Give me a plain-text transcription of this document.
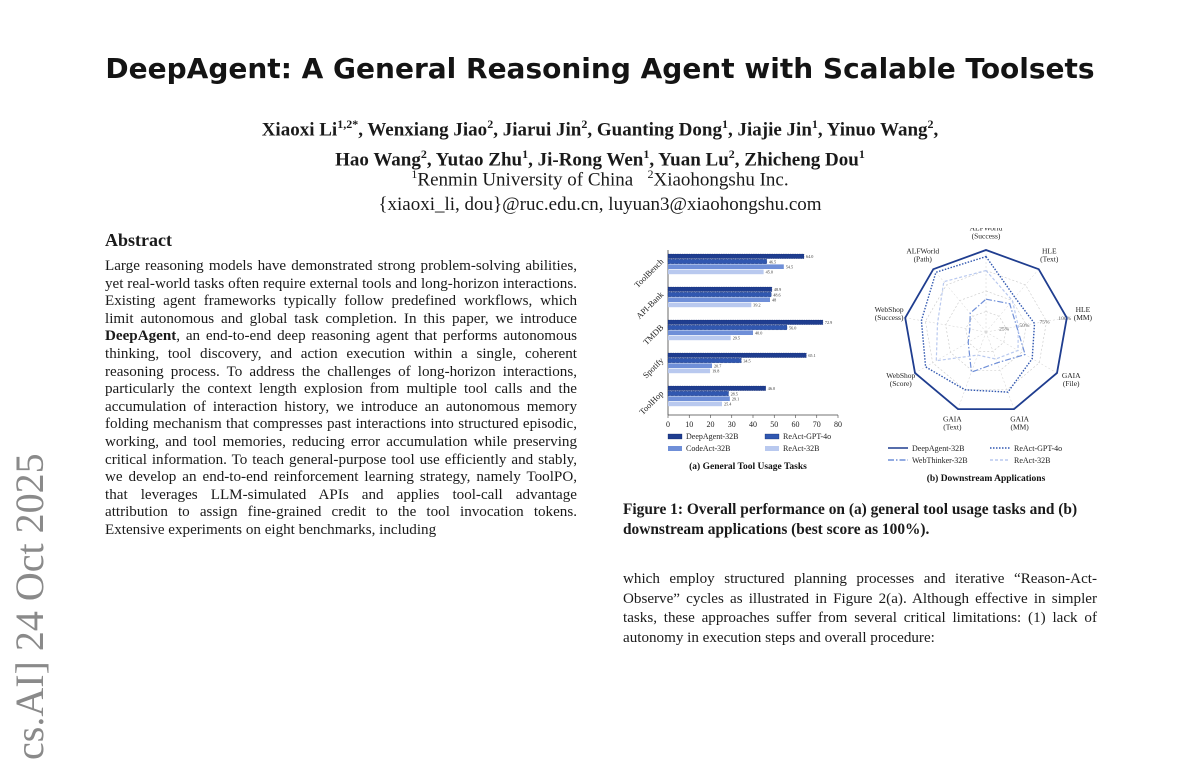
cs.AI] 24 Oct 2025
DeepAgent: A General Reasoning Agent with Scalable Toolsets
Xiaoxi $Li^{1,2*}$, Wenxiang Jiao$^2$, Jiarui Jin$^2$, Guanting Dong$^1$, Jiajie Jin$^1$, Yinuo Wang$^2$,
Hao Wang$^2$, Yutao Zhu$^1$, Ji-Rong Wen$^1$, Yuan Lu$^2$, Zhicheng Dou$^1$
$^1$Renmin University of China $^2$Xiaohongshu Inc.
{xiaoxi_li, dou}@ruc.edu.cn, luyuan3@xiaohongshu.com
Abstract
Large reasoning models have demonstrated strong problem-solving abilities, yet real-world tasks often require external tools and long-horizon interactions. Existing agent frameworks typically follow predefined workflows, which limit autonomous and global task completion. In this paper, we introduce DeepAgent, an end-to-end deep reasoning agent that performs autonomous thinking, tool discovery, and action execution within a single, coherent reasoning process. To address the challenges of long-horizon interactions, particularly the context length explosion from multiple tool calls and the accumulation of interaction history, we introduce an autonomous memory folding mechanism that compresses past interactions into structured episodic, working, and tool memories, reducing error accumulation while preserving critical information. To teach general-purpose tool use efficiently and stably, we develop an end-to-end reinforcement learning strategy, namely ToolPO, that leverages LLM-simulated APIs and applies tool-call advantage attribution to assign fine-grained credit to the tool invocation tokens. Extensive experiments on eight benchmarks, including
0 10 20 30 40 50 60 70 80
ToolBench	64.0
46.5
54.5
45.0
API-Bank	48.9
48.6
48
39.2
TMDB	72.9
56.0
40.0
29.5
Spotify	65.1
34.5
20.7
19.8
ToolHop	46.0
28.5
29.1
25.4
DeepAgent-32B	ReAct-GPT-4o
CodeAct-32B	ReAct-32B
(a) General Tool Usage Tasks
25%
50%
75%
100%
ALFWorld (Success)
HLE (Text)
HLE (MM)
GAIA (File)
GAIA (MM)
GAIA (Text)
WebShop (Score)
WebShop (Success)
ALFWorld (Path)
DeepAgent-32B	ReAct-GPT-4o
WebThinker-32B	ReAct-32B
(b) Downstream Applications
Figure 1: Overall performance on (a) general tool usage tasks and (b) downstream applications (best score as 100%).
which employ structured planning processes and iterative “Reason-Act-Observe” cycles as illustrated in Figure 2(a). Although effective in simpler tasks, these approaches suffer from several critical limitations: (1) lack of autonomy in execution steps and overall procedure:
